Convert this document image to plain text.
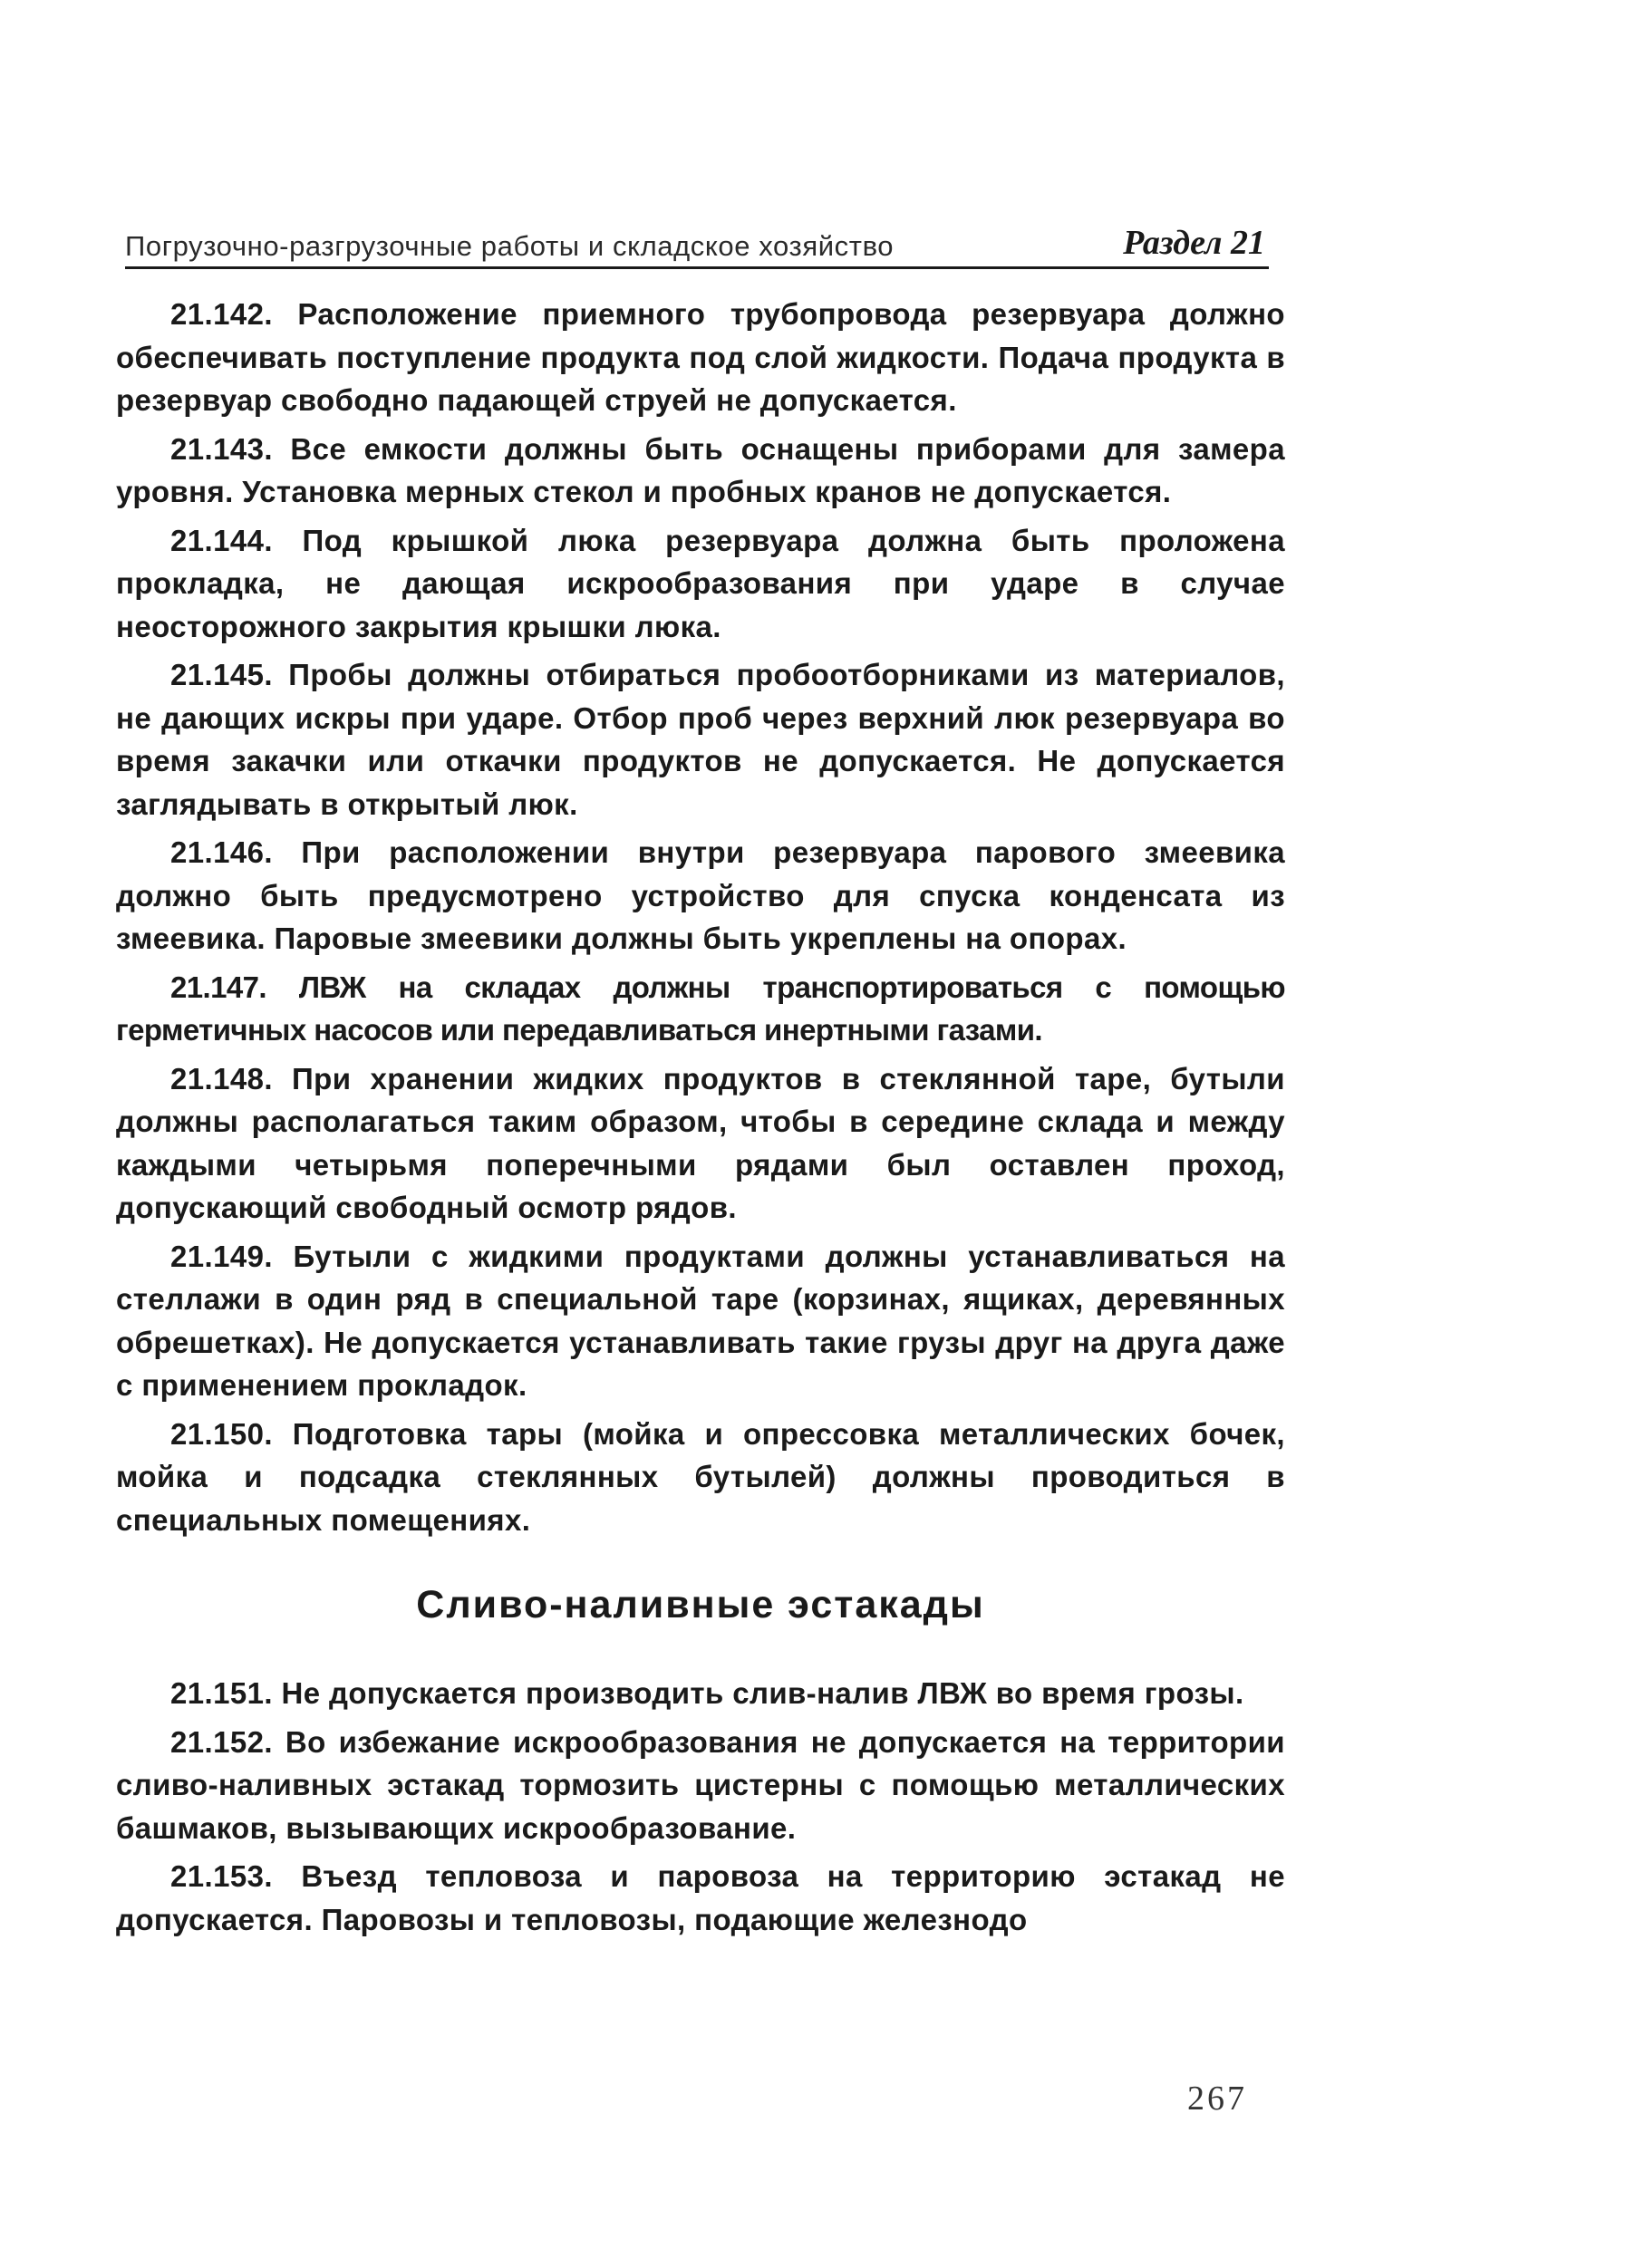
Погрузочно-разгрузочные работы и складское хозяйство	Раздел 21

21.142. Расположение приемного трубопровода резервуара должно обеспечивать поступление продукта под слой жидкости. Подача продукта в резервуар свободно падающей струей не допускается.

21.143. Все емкости должны быть оснащены приборами для замера уровня. Установка мерных стекол и пробных кранов не допускается.

21.144. Под крышкой люка резервуара должна быть проложена прокладка, не дающая искрообразования при ударе в случае неосторожного закрытия крышки люка.

21.145. Пробы должны отбираться пробоотборниками из материалов, не дающих искры при ударе. Отбор проб через верхний люк резервуара во время закачки или откачки продуктов не допускается. Не допускается заглядывать в открытый люк.

21.146. При расположении внутри резервуара парового змеевика должно быть предусмотрено устройство для спуска конденсата из змеевика. Паровые змеевики должны быть укреплены на опорах.

21.147. ЛВЖ на складах должны транспортироваться с помощью герметичных насосов или передавливаться инертными газами.

21.148. При хранении жидких продуктов в стеклянной таре, бутыли должны располагаться таким образом, чтобы в середине склада и между каждыми четырьмя поперечными рядами был оставлен проход, допускающий свободный осмотр рядов.

21.149. Бутыли с жидкими продуктами должны устанавливаться на стеллажи в один ряд в специальной таре (корзинах, ящиках, деревянных обрешетках). Не допускается устанавливать такие грузы друг на друга даже с применением прокладок.

21.150. Подготовка тары (мойка и опрессовка металлических бочек, мойка и подсадка стеклянных бутылей) должны проводиться в специальных помещениях.

Сливо-наливные эстакады

21.151. Не допускается производить слив-налив ЛВЖ во время грозы.

21.152. Во избежание искрообразования не допускается на территории сливо-наливных эстакад тормозить цистерны с помощью металлических башмаков, вызывающих искрообразование.

21.153. Въезд тепловоза и паровоза на территорию эстакад не допускается. Паровозы и тепловозы, подающие железнодо

267
